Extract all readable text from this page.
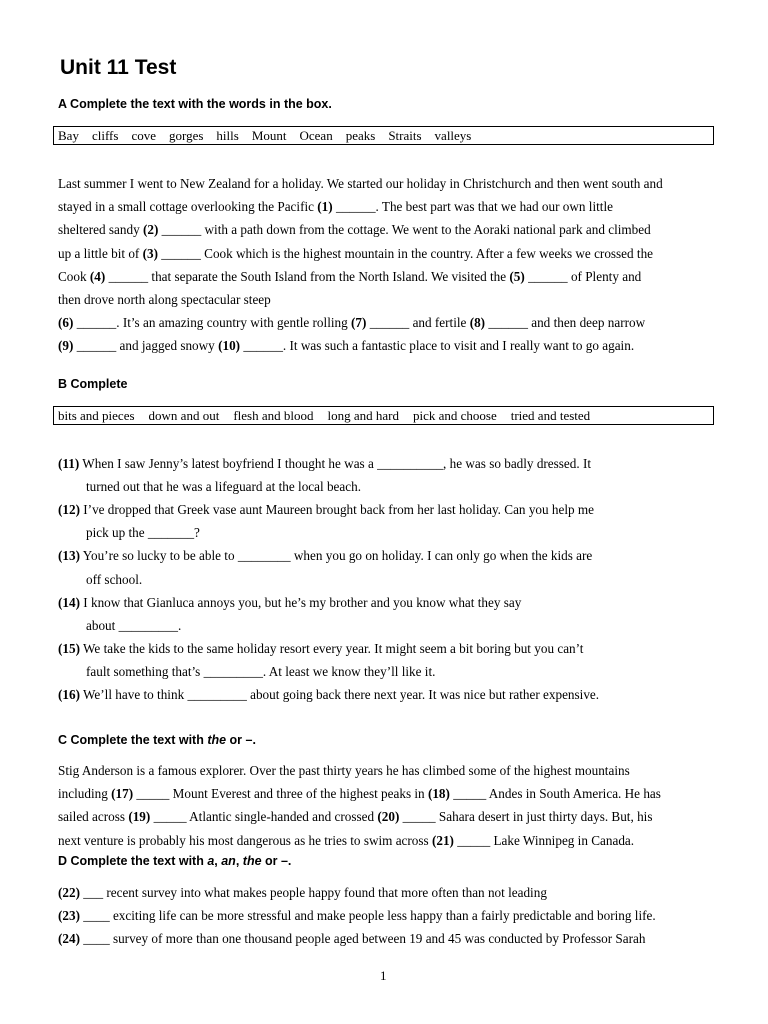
Unit 11 Test
A Complete the text with the words in the box.
Bay cliffs cove gorges hills Mount Ocean peaks Straits valleys
Last summer I went to New Zealand for a holiday. We started our holiday in Christchurch and then went south and
stayed in a small cottage overlooking the Pacific (1) ______. The best part was that we had our own little
sheltered sandy (2) ______ with a path down from the cottage. We went to the Aoraki national park and climbed
up a little bit of (3) ______ Cook which is the highest mountain in the country. After a few weeks we crossed the
Cook (4) ______ that separate the South Island from the North Island. We visited the (5) ______ of Plenty and
then drove north along spectacular steep
(6) ______. It’s an amazing country with gentle rolling (7) ______ and fertile (8) ______ and then deep narrow
(9) ______ and jagged snowy (10) ______. It was such a fantastic place to visit and I really want to go again.
B Complete
bits and pieces down and out flesh and blood long and hard pick and choose tried and tested
(11) When I saw Jenny’s latest boyfriend I thought he was a __________, he was so badly dressed. It
turned out that he was a lifeguard at the local beach.
(12) I’ve dropped that Greek vase aunt Maureen brought back from her last holiday. Can you help me
pick up the _______?
(13) You’re so lucky to be able to ________ when you go on holiday. I can only go when the kids are
off school.
(14) I know that Gianluca annoys you, but he’s my brother and you know what they say
about _________.
(15) We take the kids to the same holiday resort every year. It might seem a bit boring but you can’t
fault something that’s _________. At least we know they’ll like it.
(16) We’ll have to think _________ about going back there next year. It was nice but rather expensive.
C Complete the text with the or –.
Stig Anderson is a famous explorer. Over the past thirty years he has climbed some of the highest mountains
including (17) _____ Mount Everest and three of the highest peaks in (18) _____ Andes in South America. He has
sailed across (19) _____ Atlantic single-handed and crossed (20) _____ Sahara desert in just thirty days. But, his
next venture is probably his most dangerous as he tries to swim across (21) _____ Lake Winnipeg in Canada.
D Complete the text with a, an, the or –.
(22) ___ recent survey into what makes people happy found that more often than not leading
(23) ____ exciting life can be more stressful and make people less happy than a fairly predictable and boring life.
(24) ____ survey of more than one thousand people aged between 19 and 45 was conducted by Professor Sarah
1
